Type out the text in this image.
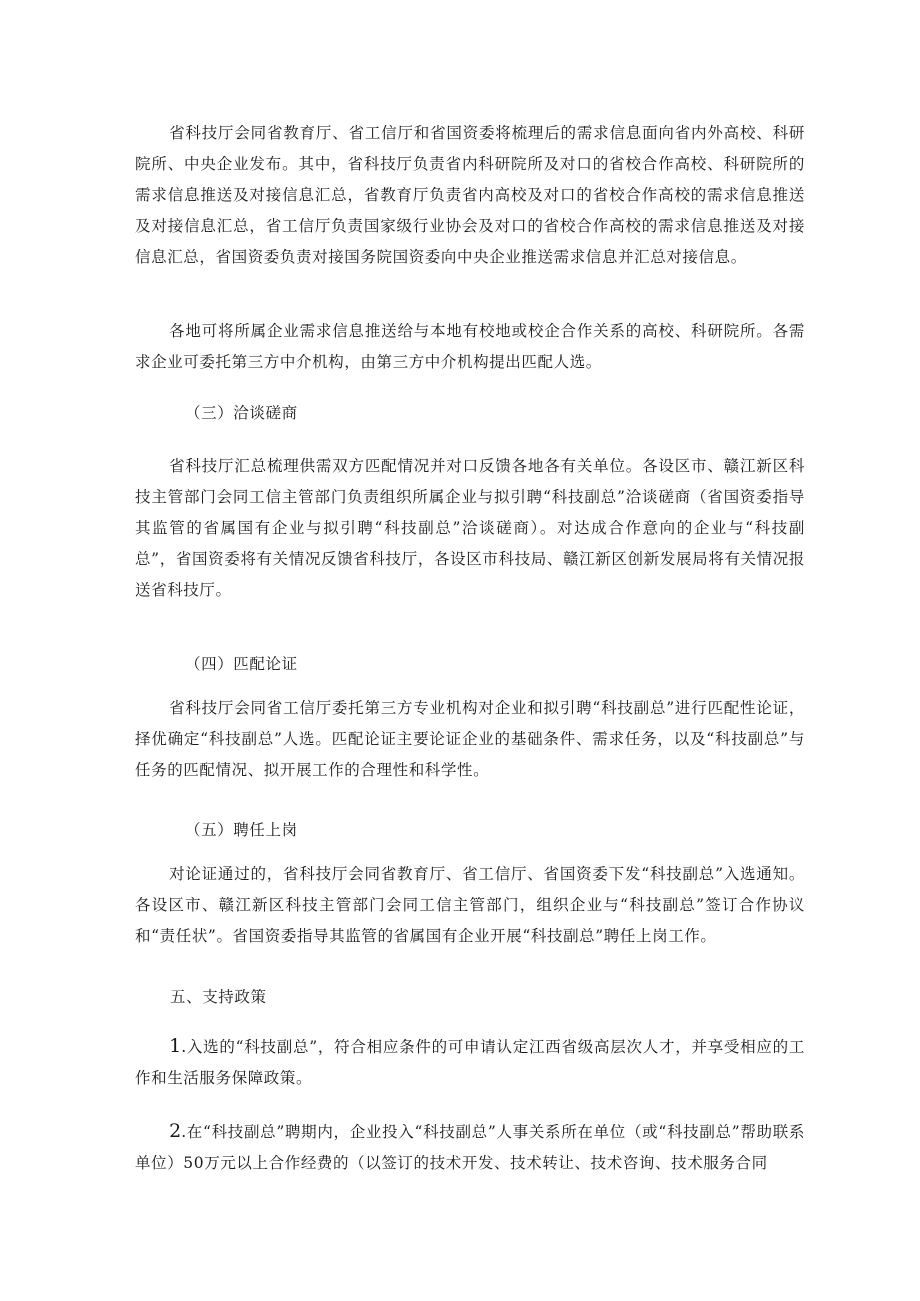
省科技厅会同省教育厅、省工信厅和省国资委将梳理后的需求信息面向省内外高校、科研院所、中央企业发布。其中，省科技厅负责省内科研院所及对口的省校合作高校、科研院所的需求信息推送及对接信息汇总，省教育厅负责省内高校及对口的省校合作高校的需求信息推送及对接信息汇总，省工信厅负责国家级行业协会及对口的省校合作高校的需求信息推送及对接信息汇总，省国资委负责对接国务院国资委向中央企业推送需求信息并汇总对接信息。

各地可将所属企业需求信息推送给与本地有校地或校企合作关系的高校、科研院所。各需求企业可委托第三方中介机构，由第三方中介机构提出匹配人选。

（三）洽谈磋商

省科技厅汇总梳理供需双方匹配情况并对口反馈各地各有关单位。各设区市、赣江新区科技主管部门会同工信主管部门负责组织所属企业与拟引聘“科技副总”洽谈磋商（省国资委指导其监管的省属国有企业与拟引聘“科技副总”洽谈磋商）。对达成合作意向的企业与“科技副总”，省国资委将有关情况反馈省科技厅，各设区市科技局、赣江新区创新发展局将有关情况报送省科技厅。

（四）匹配论证

省科技厅会同省工信厅委托第三方专业机构对企业和拟引聘“科技副总”进行匹配性论证，择优确定“科技副总”人选。匹配论证主要论证企业的基础条件、需求任务，以及“科技副总”与任务的匹配情况、拟开展工作的合理性和科学性。

（五）聘任上岗

对论证通过的，省科技厅会同省教育厅、省工信厅、省国资委下发“科技副总”入选通知。各设区市、赣江新区科技主管部门会同工信主管部门，组织企业与“科技副总”签订合作协议和“责任状”。省国资委指导其监管的省属国有企业开展“科技副总”聘任上岗工作。

五、支持政策

1.入选的“科技副总”，符合相应条件的可申请认定江西省级高层次人才，并享受相应的工作和生活服务保障政策。

2.在“科技副总”聘期内，企业投入“科技副总”人事关系所在单位（或“科技副总”帮助联系单位）50万元以上合作经费的（以签订的技术开发、技术转让、技术咨询、技术服务合同
